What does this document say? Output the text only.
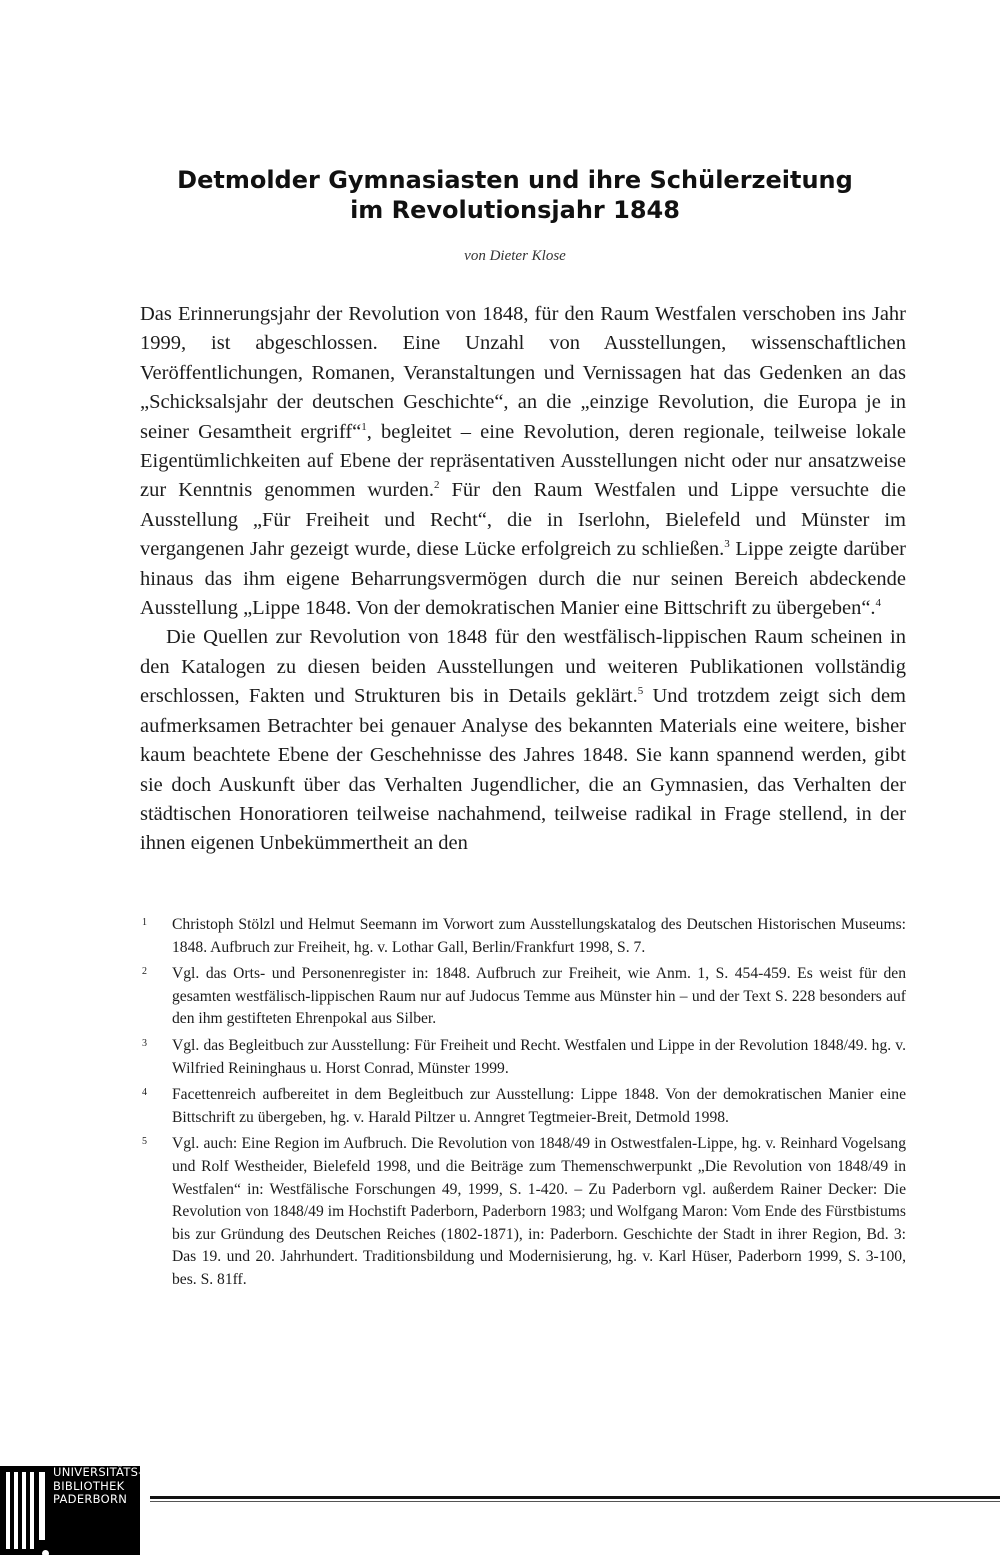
Detmolder Gymnasiasten und ihre Schülerzeitung
im Revolutionsjahr 1848
von Dieter Klose

Das Erinnerungsjahr der Revolution von 1848, für den Raum Westfalen verschoben ins Jahr 1999, ist abgeschlossen. Eine Unzahl von Ausstellungen, wissenschaftlichen Veröffentlichungen, Romanen, Veranstaltungen und Vernissagen hat das Gedenken an das „Schicksalsjahr der deutschen Geschichte“, an die „einzige Revolution, die Europa je in seiner Gesamtheit ergriff“$^1$, begleitet – eine Revolution, deren regionale, teilweise lokale Eigentümlichkeiten auf Ebene der repräsentativen Ausstellungen nicht oder nur ansatzweise zur Kenntnis genommen wurden.$^2$ Für den Raum Westfalen und Lippe versuchte die Ausstellung „Für Freiheit und Recht“, die in Iserlohn, Bielefeld und Münster im vergangenen Jahr gezeigt wurde, diese Lücke erfolgreich zu schließen.$^3$ Lippe zeigte darüber hinaus das ihm eigene Beharrungsvermögen durch die nur seinen Bereich abdeckende Ausstellung „Lippe 1848. Von der demokratischen Manier eine Bittschrift zu übergeben“.$^4$

Die Quellen zur Revolution von 1848 für den westfälisch-lippischen Raum scheinen in den Katalogen zu diesen beiden Ausstellungen und weiteren Publikationen vollständig erschlossen, Fakten und Strukturen bis in Details geklärt.$^5$ Und trotzdem zeigt sich dem aufmerksamen Betrachter bei genauer Analyse des bekannten Materials eine weitere, bisher kaum beachtete Ebene der Geschehnisse des Jahres 1848. Sie kann spannend werden, gibt sie doch Auskunft über das Verhalten Jugendlicher, die an Gymnasien, das Verhalten der städtischen Honoratioren teilweise nachahmend, teilweise radikal in Frage stellend, in der ihnen eigenen Unbekümmertheit an den

1 Christoph Stölzl und Helmut Seemann im Vorwort zum Ausstellungskatalog des Deutschen Historischen Museums: 1848. Aufbruch zur Freiheit, hg. v. Lothar Gall, Berlin/Frankfurt 1998, S. 7.
2 Vgl. das Orts- und Personenregister in: 1848. Aufbruch zur Freiheit, wie Anm. 1, S. 454-459. Es weist für den gesamten westfälisch-lippischen Raum nur auf Judocus Temme aus Münster hin – und der Text S. 228 besonders auf den ihm gestifteten Ehrenpokal aus Silber.
3 Vgl. das Begleitbuch zur Ausstellung: Für Freiheit und Recht. Westfalen und Lippe in der Revolution 1848/49. hg. v. Wilfried Reininghaus u. Horst Conrad, Münster 1999.
4 Facettenreich aufbereitet in dem Begleitbuch zur Ausstellung: Lippe 1848. Von der demokratischen Manier eine Bittschrift zu übergeben, hg. v. Harald Piltzer u. Anngret Tegtmeier-Breit, Detmold 1998.
5 Vgl. auch: Eine Region im Aufbruch. Die Revolution von 1848/49 in Ostwestfalen-Lippe, hg. v. Reinhard Vogelsang und Rolf Westheider, Bielefeld 1998, und die Beiträge zum Themenschwerpunkt „Die Revolution von 1848/49 in Westfalen“ in: Westfälische Forschungen 49, 1999, S. 1-420. – Zu Paderborn vgl. außerdem Rainer Decker: Die Revolution von 1848/49 im Hochstift Paderborn, Paderborn 1983; und Wolfgang Maron: Vom Ende des Fürstbistums bis zur Gründung des Deutschen Reiches (1802-1871), in: Paderborn. Geschichte der Stadt in ihrer Region, Bd. 3: Das 19. und 20. Jahrhundert. Traditionsbildung und Modernisierung, hg. v. Karl Hüser, Paderborn 1999, S. 3-100, bes. S. 81ff.
UNIVERSITÄTS-
BIBLIOTHEK
PADERBORN
